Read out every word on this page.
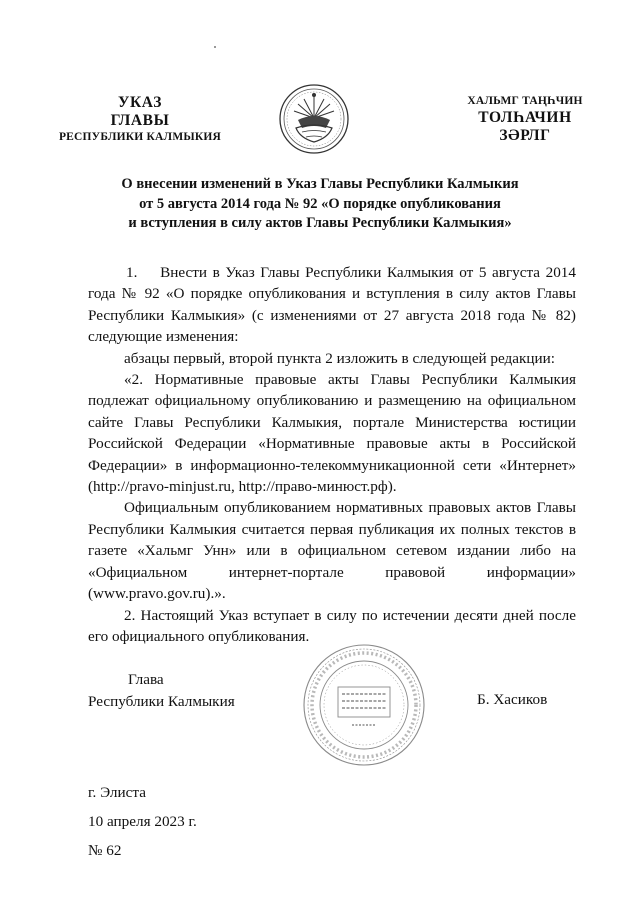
УКАЗ
ГЛАВЫ
РЕСПУБЛИКИ КАЛМЫКИЯ
ХАЛЬМГ ТАҢҺЧИН
ТОЛҺАЧИН
ЗӘРЛГ
О внесении изменений в Указ Главы Республики Калмыкия
от 5 августа 2014 года № 92 «О порядке опубликования
и вступления в силу актов Главы Республики Калмыкия»

1.  Внести в Указ Главы Республики Калмыкия от 5 августа 2014 года № 92 «О порядке опубликования и вступления в силу актов Главы Республики Калмыкия» (с изменениями от 27 августа 2018 года № 82) следующие изменения:

абзацы первый, второй пункта 2 изложить в следующей редакции:

«2. Нормативные правовые акты Главы Республики Калмыкия подлежат официальному опубликованию и размещению на официальном сайте Главы Республики Калмыкия, портале Министерства юстиции Российской Федерации «Нормативные правовые акты в Российской Федерации» в информационно-телекоммуникационной сети «Интернет» (http://pravo-minjust.ru, http://право-минюст.рф).

Официальным опубликованием нормативных правовых актов Главы Республики Калмыкия считается первая публикация их полных текстов в газете «Хальмг Унн» или в официальном сетевом издании либо на «Официальном интернет-портале правовой информации» (www.pravo.gov.ru).».

2. Настоящий Указ вступает в силу по истечении десяти дней после его официального опубликования.

Глава
Республики Калмыкия	Б. Хасиков
г. Элиста
10 апреля 2023 г.
№ 62
